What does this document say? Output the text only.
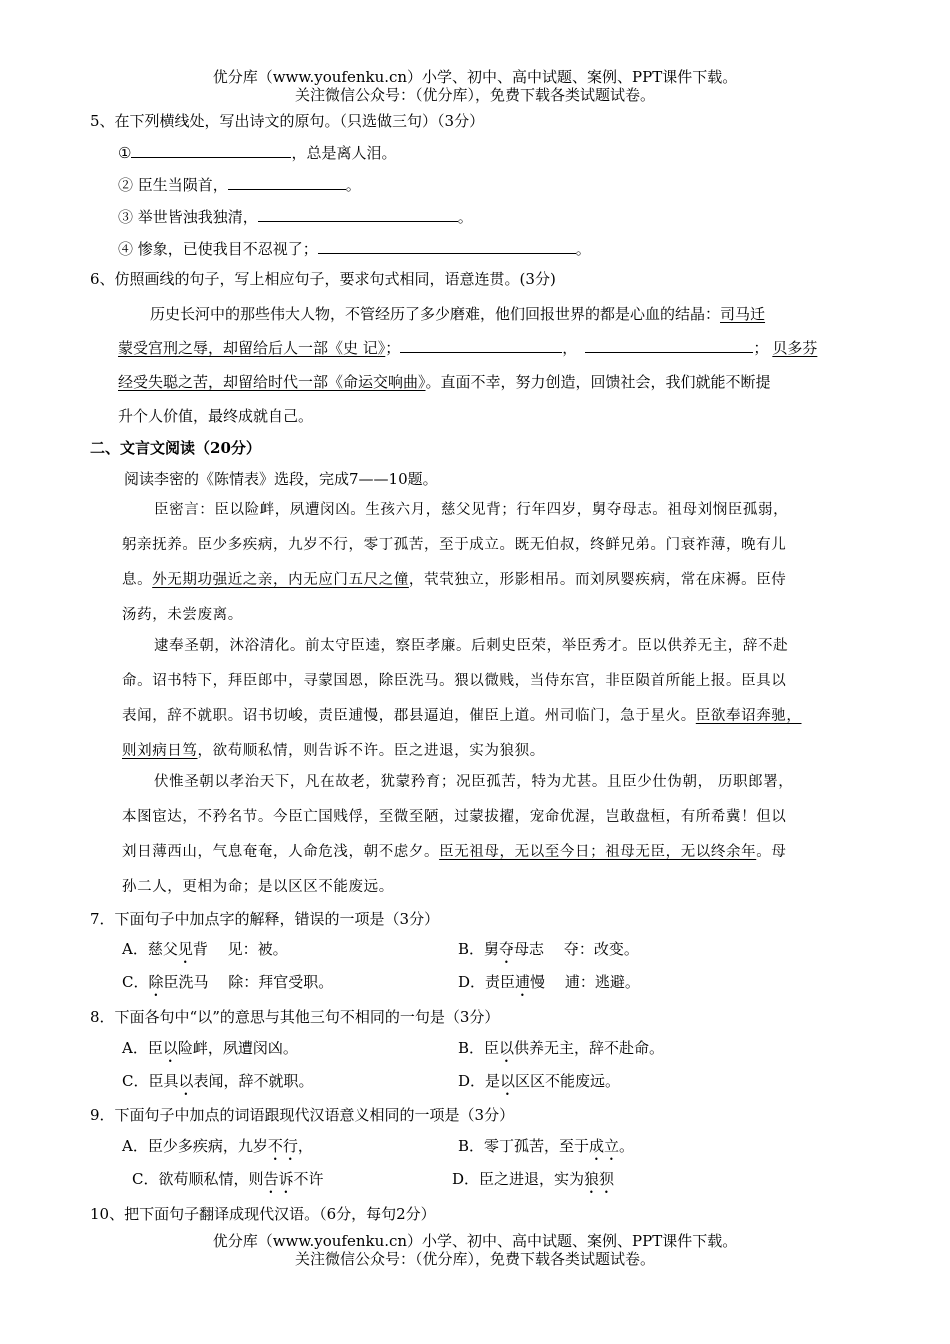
优分库（www.youfenku.cn）小学、初中、高中试题、案例、PPT课件下载。
关注微信公众号：（优分库），免费下载各类试题试卷。
5、在下列横线处，写出诗文的原句。（只选做三句）（3分）
①	，总是离人泪。
② 臣生当陨首，	。
③ 举世皆浊我独清，	。
④ 惨象，已使我目不忍视了；	。
6、仿照画线的句子，写上相应句子，要求句式相同，语意连贯。(3分)
历史长河中的那些伟大人物，不管经历了多少磨难，他们回报世界的都是心血的结晶：司马迁
蒙受宫刑之辱，却留给后人一部《史 记》；	，	； 贝多芬
经受失聪之苦，却留给时代一部《命运交响曲》。直面不幸，努力创造，回馈社会，我们就能不断提
升个人价值，最终成就自己。
二、文言文阅读（20分）
阅读李密的《陈情表》选段，完成7——10题。
臣密言：臣以险衅，夙遭闵凶。生孩六月，慈父见背；行年四岁，舅夺母志。祖母刘悯臣孤弱，
躬亲抚养。臣少多疾病，九岁不行，零丁孤苦，至于成立。既无伯叔，终鲜兄弟。门衰祚薄，晚有儿
息。外无期功强近之亲，内无应门五尺之僮，茕茕独立，形影相吊。而刘夙婴疾病，常在床褥。臣侍
汤药，未尝废离。
逮奉圣朝，沐浴清化。前太守臣逵，察臣孝廉。后刺史臣荣，举臣秀才。臣以供养无主，辞不赴
命。诏书特下，拜臣郎中，寻蒙国恩，除臣洗马。猥以微贱，当侍东宫，非臣陨首所能上报。臣具以
表闻，辞不就职。诏书切峻，责臣逋慢，郡县逼迫，催臣上道。州司临门，急于星火。臣欲奉诏奔驰，
则刘病日笃，欲苟顺私情，则告诉不许。臣之进退，实为狼狈。
伏惟圣朝以孝治天下，凡在故老，犹蒙矜育；况臣孤苦，特为尤甚。且臣少仕伪朝， 历职郎署，
本图宦达，不矜名节。今臣亡国贱俘，至微至陋，过蒙拔擢，宠命优渥，岂敢盘桓，有所希冀！但以
刘日薄西山，气息奄奄，人命危浅，朝不虑夕。臣无祖母，无以至今日；祖母无臣，无以终余年。母
孙二人，更相为命；是以区区不能废远。
7．下面句子中加点字的解释，错误的一项是（3分）
A．慈父见背　 见：被。	B．舅夺母志　 夺：改变。
C．除臣洗马　 除：拜官受职。	D．责臣逋慢　 逋：逃避。
8．下面各句中“以”的意思与其他三句不相同的一句是（3分）
A．臣以险衅，夙遭闵凶。	B．臣以供养无主，辞不赴命。
C．臣具以表闻，辞不就职。	D．是以区区不能废远。
9．下面句子中加点的词语跟现代汉语意义相同的一项是（3分）
A．臣少多疾病，九岁不行，	B．零丁孤苦，至于成立。
C．欲苟顺私情，则告诉不许	D．臣之进退，实为狼狈
10、把下面句子翻译成现代汉语。（6分，每句2分）
优分库（www.youfenku.cn）小学、初中、高中试题、案例、PPT课件下载。
关注微信公众号：（优分库），免费下载各类试题试卷。
